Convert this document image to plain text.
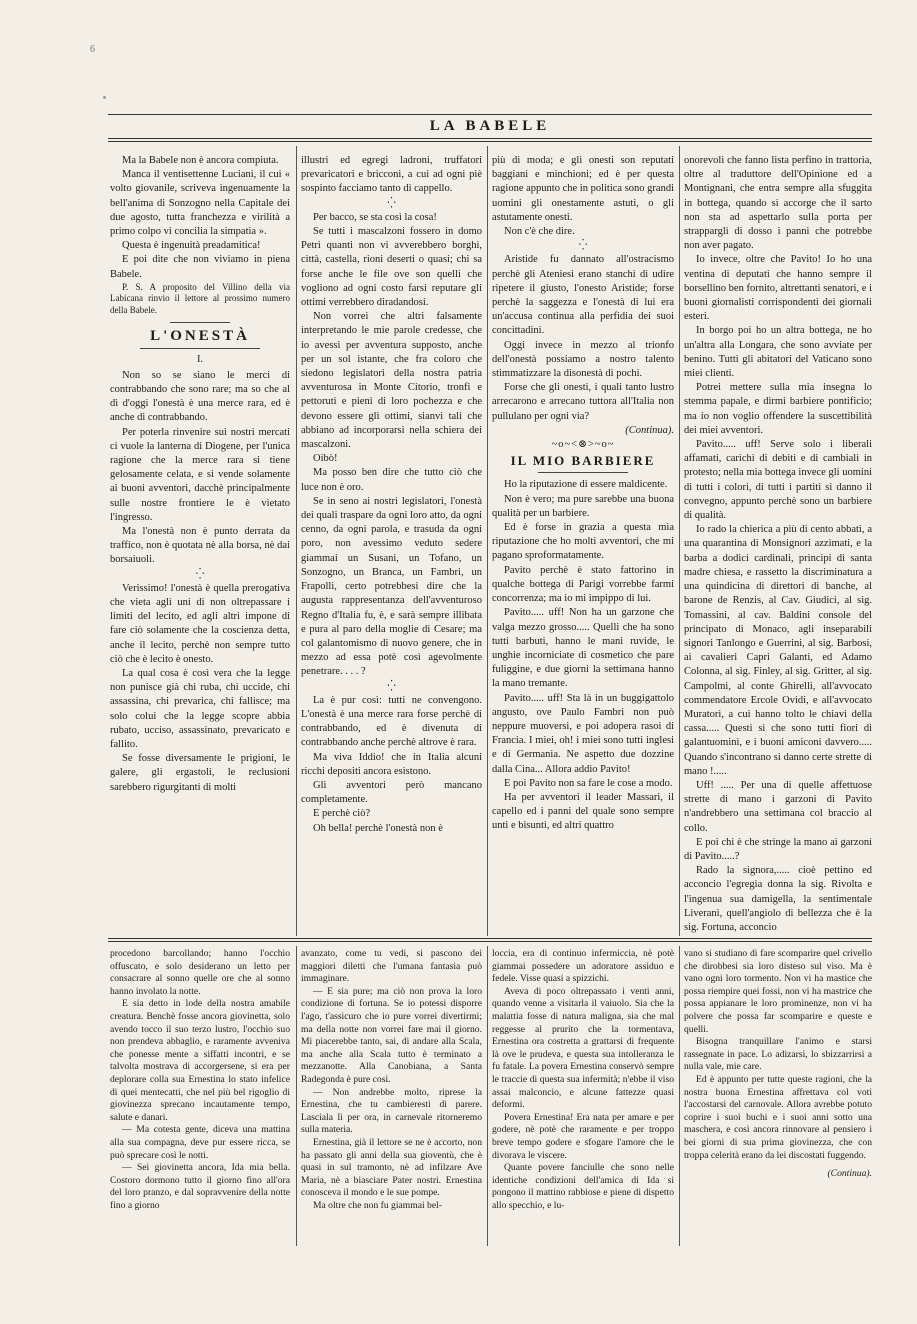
6
LA BABELE

Ma la Babele non è ancora compiuta.

Manca il ventisettenne Luciani, il cui « volto giovanile, scriveva ingenuamente la bell'anima di Sonzogno nella Capitale dei due agosto, tutta franchezza e virilità a primo colpo vi concilia la simpatia ».

Questa è ingenuità preadamitica!

E poi dite che non viviamo in piena Babele.

P. S. A proposito del Villino della via Labicana rinvio il lettore al prossimo numero della Babele.

L'ONESTÀ
I.

Non so se siano le merci di contrabbando che sono rare; ma so che al dì d'oggi l'onestà è una merce rara, ed è anche di contrabbando.

Per poterla rinvenire sui nostri mercati ci vuole la lanterna di Diogene, per l'unica ragione che la merce rara si tiene gelosamente celata, e si vende solamente ai buoni avventori, dacchè principalmente sulle nostre frontiere le è vietato l'ingresso.

Ma l'onestà non è punto derrata da traffico, non è quotata nè alla borsa, nè dai borsaiuoli.

⁛

Verissimo! l'onestà è quella prerogativa che vieta agli uni di non oltrepassare i limiti del lecito, ed agli altri impone di fare ciò solamente che la coscienza detta, anche il lecito, perchè non sempre tutto ciò che è lecito è onesto.

La qual cosa è così vera che la legge non punisce già chi ruba, chi uccide, chi assassina, chi prevarica, chi fallisce; ma solo colui che la legge scopre abbia rubato, ucciso, assassinato, prevaricato e fallito.

Se fosse diversamente le prigioni, le galere, gli ergastoli, le reclusioni sarebbero rigurgitanti di molti

illustri ed egregi ladroni, truffatori prevaricatori e bricconi, a cui ad ogni piè sospinto facciamo tanto di cappello.

⁛

Per bacco, se sta così la cosa!

Se tutti i mascalzoni fossero in domo Petri quanti non vi avverebbero borghi, città, castella, rioni deserti o quasi; chi sa forse anche le file ove son quelli che vogliono ad ogni costo farsi reputare gli ottimi verrebbero diradandosi.

Non vorrei che altri falsamente interpretando le mie parole credesse, che io avessi per avventura supposto, anche per un sol istante, che fra coloro che siedono legislatori della nostra patria avventurosa in Monte Citorio, tronfi e pettoruti e pieni di loro pochezza e che devono essere gli ottimi, sianvi tali che abbiano ad incorporarsi nella schiera dei mascalzoni.

Oibò!

Ma posso ben dire che tutto ciò che luce non è oro.

Se in seno ai nostri legislatori, l'onestà dei quali traspare da ogni loro atto, da ogni cenno, da ogni parola, e trasuda da ogni poro, non avessimo veduto sedere giammai un Susani, un Tofano, un Sonzogno, un Branca, un Fambri, un Frapolli, certo potrebbesi dire che la augusta rappresentanza dell'avventuroso Regno d'Italia fu, è, e sarà sempre illibata e pura al paro della moglie di Cesare; ma col galantomismo di nuovo genere, che in mezzo ad essa potè così agevolmente penetrare. . . . ?

⁛

La è pur così: tutti ne convengono. L'onestà è una merce rara forse perchè di contrabbando, ed è divenuta di contrabbando anche perchè altrove è rara.

Ma viva Iddio! che in Italia alcuni ricchi depositi ancora esistono.

Gli avventori però mancano completamente.

E perchè ciò?

Oh bella! perchè l'onestà non è

più di moda; e gli onesti son reputati baggiani e minchioni; ed è per questa ragione appunto che in politica sono grandi uomini gli onestamente astuti, o gli astutamente onesti.

Non c'è che dire.

⁛

Aristide fu dannato all'ostracismo perchè gli Ateniesi erano stanchi di udire ripetere il giusto, l'onesto Aristide; forse perchè la saggezza e l'onestà di lui era un'accusa continua alla perfidia dei suoi concittadini.

Oggi invece in mezzo al trionfo dell'onestà possiamo a nostro talento stimmatizzare la disonestà di pochi.

Forse che gli onesti, i quali tanto lustro arrecarono e arrecano tuttora all'Italia non pullulano per ogni via?

(Continua).
~o~<⊗>~o~
IL MIO BARBIERE

Ho la riputazione di essere maldicente.

Non è vero; ma pure sarebbe una buona qualità per un barbiere.

Ed è forse in grazia a questa mia riputazione che ho molti avventori, che mi pagano sproformatamente.

Pavito perchè è stato fattorino in qualche bottega di Parigi vorrebbe farmi concorrenza; ma io mi impippo di lui.

Pavito..... uff! Non ha un garzone che valga mezzo grosso..... Quelli che ha sono tutti barbuti, hanno le mani ruvide, le unghie incorniciate di cosmetico che pare fuliggine, e due giorni la settimana hanno la mano tremante.

Pavito..... uff! Sta là in un buggigattolo angusto, ove Paulo Fambri non può neppure muoversi, e poi adopera rasoi di Francia. I miei, oh! i miei sono tutti inglesi e di Germania. Ne aspetto due dozzine dalla Cina... Allora addio Pavito!

E poi Pavito non sa fare le cose a modo.

Ha per avventori il leader Massari, il capello ed i panni del quale sono sempre unti e bisunti, ed altri quattro

onorevoli che fanno lista perfino in trattoria, oltre al traduttore dell'Opinione ed a Montignani, che entra sempre alla sfuggita in bottega, quando si accorge che il sarto non sta ad aspettarlo sulla porta per strappargli di dosso i panni che potrebbe non aver pagato.

Io invece, oltre che Pavito! Io ho una ventina di deputati che hanno sempre il borsellino ben fornito, altrettanti senatori, e i buoni giornalisti corrispondenti dei giornali esteri.

In borgo poi ho un altra bottega, ne ho un'altra alla Longara, che sono avviate per benino. Tutti gli abitatori del Vaticano sono miei clienti.

Potrei mettere sulla mia insegna lo stemma papale, e dirmi barbiere pontificio; ma io non voglio offendere la suscettibilità dei miei avventori.

Pavito..... uff! Serve solo i liberali affamati, carichi di debiti e di cambiali in protesto; nella mia bottega invece gli uomini di tutti i colori, di tutti i partiti si danno il convegno, appunto perchè sono un barbiere di qualità.

Io rado la chierica a più di cento abbati, a una quarantina di Monsignori azzimati, e la barba a dodici cardinali, principi di santa madre chiesa, e rassetto la discriminatura a una quindicina di direttori di banche, al barone de Renzis, al Cav. Giudici, al sig. Tomassini, al cav. Baldini console del principato di Monaco, agli inseparabili signori Tanlongo e Guerrini, al sig. Barbosi, ai cavalieri Capri Galanti, ed Adamo Colonna, al sig. Finley, al sig. Gritter, al sig. Campolmi, al conte Ghirelli, all'avvocato commendatore Ercole Ovidi, e all'avvocato Muratori, a cui hanno tolto le chiavi della cassa..... Questi sì che sono tutti fiori di galantuomini, e i buoni amiconi davvero..... Quando s'incontrano si danno certe strette di mano !.....

Uff! ..... Per una di quelle affettuose strette di mano i garzoni di Pavito n'andrebbero una settimana col braccio al collo.

E poi chi è che stringe la mano ai garzoni di Pavito.....?

Rado la signora,..... cioè pettino ed acconcio l'egregia donna la sig. Rivolta e l'ingenua sua damigella, la sentimentale Liverani, quell'angiolo di bellezza che è la sig. Fortuna, acconcio

procedono barcollando; hanno l'occhio offuscato, e solo desiderano un letto per consacrare al sonno quelle ore che al sonno hanno involato la notte.

E sia detto in lode della nostra amabile creatura. Benchè fosse ancora giovinetta, solo avendo tocco il suo terzo lustro, l'occhio suo non prendeva abbaglio, e raramente avveniva che ponesse mente a siffatti incontri, e se talvolta mostrava di accorgersene, si era per deplorare colla sua Ernestina lo stato infelice di quei mentecatti, che nel più bel rigoglio di giovinezza sprecano incautamente tempo, salute e danari.

— Ma cotesta gente, diceva una mattina alla sua compagna, deve pur essere ricca, se può sprecare così le notti.

— Sei giovinetta ancora, Ida mia bella. Costoro dormono tutto il giorno fino all'ora del loro pranzo, e dal sopravvenire della notte fino a giorno

avanzato, come tu vedi, si pascono dei maggiori diletti che l'umana fantasia può immaginare.

— E sia pure; ma ciò non prova la loro condizione di fortuna. Se io potessi disporre l'ago, t'assicuro che io pure vorrei divertirmi; ma della notte non vorrei fare mai il giorno. Mi piacerebbe tanto, sai, di andare alla Scala, ma anche alla Scala tutto è terminato a mezzanotte. Alla Canobiana, a Santa Radegonda è pure così.

— Non andrebbe molto, riprese la Ernestina, che tu cambieresti di parere. Lasciala lì per ora, in carnevale ritorneremo sulla materia.

Ernestina, già il lettore se ne è accorto, non ha passato gli anni della sua gioventù, che è quasi in sul tramonto, nè ad infilzare Ave Maria, nè a biasciare Pater nostri. Ernestina conosceva il mondo e le sue pompe.

Ma oltre che non fu giammai bel-

loccia, era di continuo infermiccia, nè potè giammai possedere un adoratore assiduo e fedele. Visse quasi a spizzichi.

Aveva di poco oltrepassato i venti anni, quando venne a visitarla il vaiuolo. Sia che la malattia fosse di natura maligna, sia che mal reggesse al prurito che la tormentava, Ernestina ora costretta a grattarsi di frequente là ove le prudeva, e questa sua intolleranza le fu fatale. La povera Ernestina conservò sempre le traccie di questa sua infermità; n'ebbe il viso assai malconcio, e alcune fattezze quasi deformi.

Povera Ernestina! Era nata per amare e per godere, nè potè che raramente e per troppo breve tempo godere e sfogare l'amore che le divorava le viscere.

Quante povere fanciulle che sono nelle identiche condizioni dell'amica di Ida si pongono il mattino rabbiose e piene di dispetto allo specchio, e lu-

vano si studiano di fare scomparire quel crivello che dirobbesi sia loro disteso sul viso. Ma è vano ogni loro tormento. Non vi ha mastice che possa riempire quei fossi, non vi ha mastrice che possa appianare le loro prominenze, non vi ha polvere che possa far scomparire e queste e quelli.

Bisogna tranquillare l'animo e starsi rassegnate in pace. Lo adizarsi, lo sbizzarrirsi a nulla vale, mie care.

Ed è appunto per tutte queste ragioni, che la nostra buona Ernestina affrettava col voti l'accostarsi del carnovale. Allora avrebbe potuto coprire i suoi buchi e i suoi anni sotto una maschera, e così ancora rinnovare al pensiero i bei giorni di sua prima giovinezza, che con troppa celerità erano da lei discostati fuggendo.

(Continua).
